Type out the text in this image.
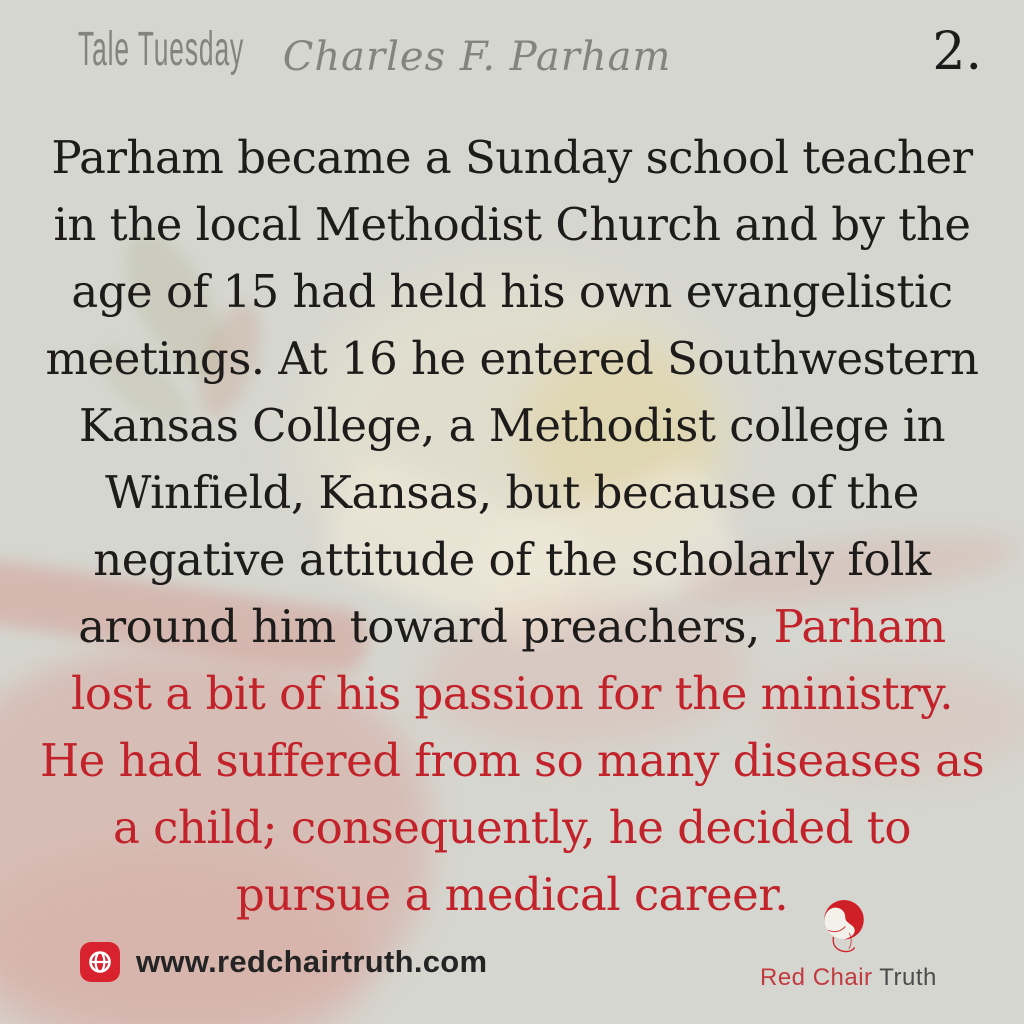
Tale Tuesday Charles F. Parham	2.
Parham became a Sunday school teacher
in the local Methodist Church and by the
age of 15 had held his own evangelistic
meetings. At 16 he entered Southwestern
Kansas College, a Methodist college in
Winfield, Kansas, but because of the
negative attitude of the scholarly folk
around him toward preachers, Parham
lost a bit of his passion for the ministry.
He had suffered from so many diseases as
a child; consequently, he decided to
pursue a medical career.
www.redchairtruth.com	Red Chair Truth
